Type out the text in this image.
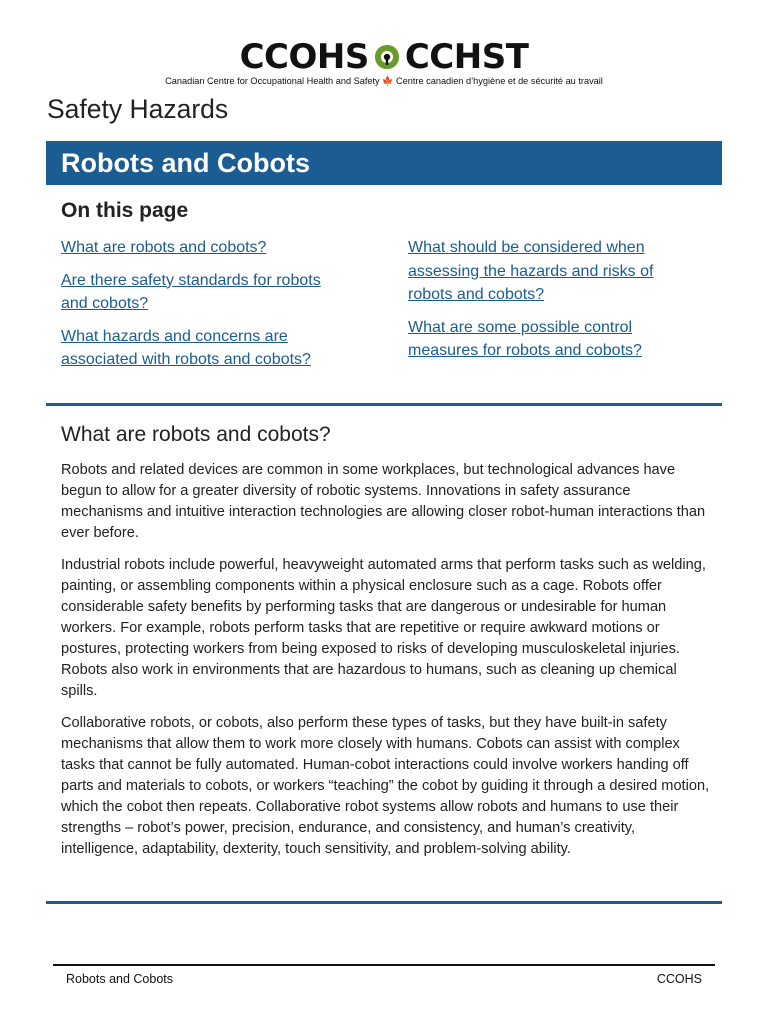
CCOHS CCHST
Canadian Centre for Occupational Health and Safety 🍁 Centre canadien d’hygiène et de sécurité au travail
Safety Hazards
Robots and Cobots
On this page
What are robots and cobots?
Are there safety standards for robots and cobots?
What hazards and concerns are associated with robots and cobots?
What should be considered when assessing the hazards and risks of robots and cobots?
What are some possible control measures for robots and cobots?
What are robots and cobots?

Robots and related devices are common in some workplaces, but technological advances have begun to allow for a greater diversity of robotic systems. Innovations in safety assurance mechanisms and intuitive interaction technologies are allowing closer robot-human interactions than ever before.

Industrial robots include powerful, heavyweight automated arms that perform tasks such as welding, painting, or assembling components within a physical enclosure such as a cage. Robots offer considerable safety benefits by performing tasks that are dangerous or undesirable for human workers. For example, robots perform tasks that are repetitive or require awkward motions or postures, protecting workers from being exposed to risks of developing musculoskeletal injuries. Robots also work in environments that are hazardous to humans, such as cleaning up chemical spills.

Collaborative robots, or cobots, also perform these types of tasks, but they have built-in safety mechanisms that allow them to work more closely with humans. Cobots can assist with complex tasks that cannot be fully automated. Human-cobot interactions could involve workers handing off parts and materials to cobots, or workers “teaching” the cobot by guiding it through a desired motion, which the cobot then repeats. Collaborative robot systems allow robots and humans to use their strengths – robot’s power, precision, endurance, and consistency, and human’s creativity, intelligence, adaptability, dexterity, touch sensitivity, and problem-solving ability.

Robots and Cobots	CCOHS
